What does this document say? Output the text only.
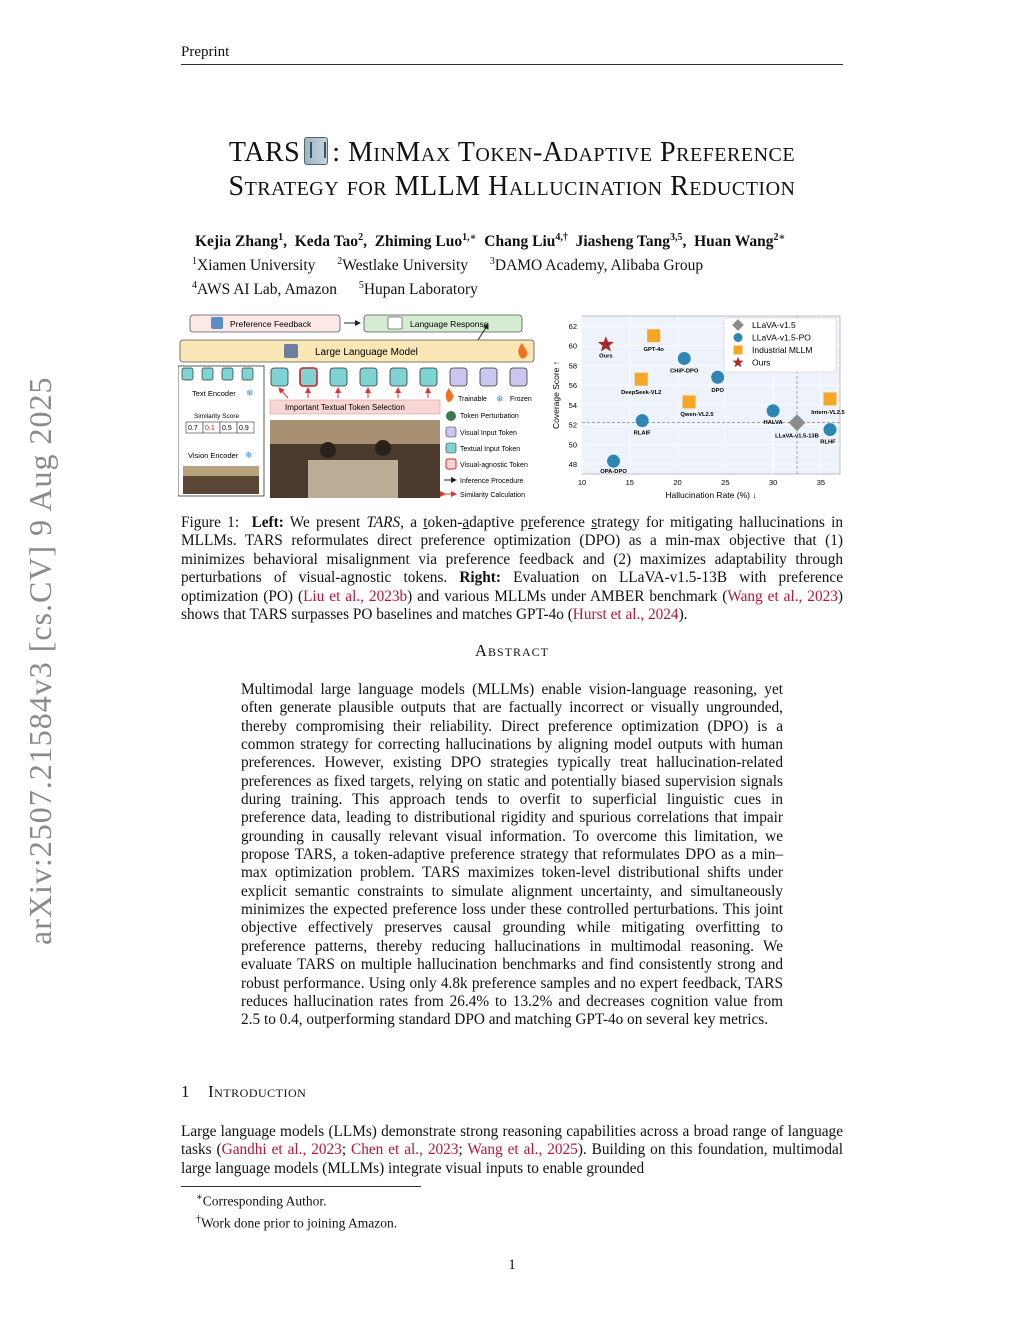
Preprint
arXiv:2507.21584v3 [cs.CV] 9 Aug 2025
TARS : MinMax Token-Adaptive Preference
Strategy for MLLM Hallucination Reduction
Kejia Zhang$^1$,  Keda Tao$^2$,  Zhiming Luo$^{1,∗}$ Chang Liu$^{4,\dagger}$ Jiasheng Tang$^{3,5}$,  Huan Wang$^{2∗}$
$^1$Xiamen University $^2$Westlake University $^3$DAMO Academy, Alibaba Group
$^4$AWS AI Lab, Amazon $^5$Hupan Laboratory
Preference Feedback	Language Response
Large Language Model
Text Encoder ❄
Similarity Score
0.7 0.1 0.5 0.9
Vision Encoder ❄
Important Textual Token Selection
Trainable ❄ Frozen
Token Perturbation
Visual Input Token
Textual Input Token
Visual-agnostic Token
Inference Procedure
Similarity Calculation
48
50
52
54
56
58
60
62
10	15	20	25	30	35
Hallucination Rate (%) ↓
Coverage Score ↑
Ours
GPT-4o
CHiP-DPO
DPO
DeepSeek-VL2
Qwen-VL2.5
RLAIF
HALVA
LLaVA-v1.5-13B
Intern-VL2.5
RLHF
OPA-DPO
LLaVA-v1.5
LLaVA-v1.5-PO
Industrial MLLM
Ours
Figure 1: Left: We present TARS, a token-adaptive preference strategy for mitigating hallucinations in MLLMs. TARS reformulates direct preference optimization (DPO) as a min-max objective that (1) minimizes behavioral misalignment via preference feedback and (2) maximizes adaptability through perturbations of visual-agnostic tokens. Right: Evaluation on LLaVA-v1.5-13B with preference optimization (PO) (Liu et al., 2023b) and various MLLMs under AMBER benchmark (Wang et al., 2023) shows that TARS surpasses PO baselines and matches GPT-4o (Hurst et al., 2024).
Abstract
Multimodal large language models (MLLMs) enable vision-language reasoning, yet often generate plausible outputs that are factually incorrect or visually ungrounded, thereby compromising their reliability. Direct preference optimization (DPO) is a common strategy for correcting hallucinations by aligning model outputs with human preferences. However, existing DPO strategies typically treat hallucination-related preferences as fixed targets, relying on static and potentially biased supervision signals during training. This approach tends to overfit to superficial linguistic cues in preference data, leading to distributional rigidity and spurious correlations that impair grounding in causally relevant visual information. To overcome this limitation, we propose TARS, a token-adaptive preference strategy that reformulates DPO as a min–max optimization problem. TARS maximizes token-level distributional shifts under explicit semantic constraints to simulate alignment uncertainty, and simultaneously minimizes the expected preference loss under these controlled perturbations. This joint objective effectively preserves causal grounding while mitigating overfitting to preference patterns, thereby reducing hallucinations in multimodal reasoning. We evaluate TARS on multiple hallucination benchmarks and find consistently strong and robust performance. Using only 4.8k preference samples and no expert feedback, TARS reduces hallucination rates from 26.4% to 13.2% and decreases cognition value from 2.5 to 0.4, outperforming standard DPO and matching GPT-4o on several key metrics.
1 Introduction
Large language models (LLMs) demonstrate strong reasoning capabilities across a broad range of language tasks (Gandhi et al., 2023; Chen et al., 2023; Wang et al., 2025). Building on this foundation, multimodal large language models (MLLMs) integrate visual inputs to enable grounded
∗Corresponding Author.
†Work done prior to joining Amazon.
1
